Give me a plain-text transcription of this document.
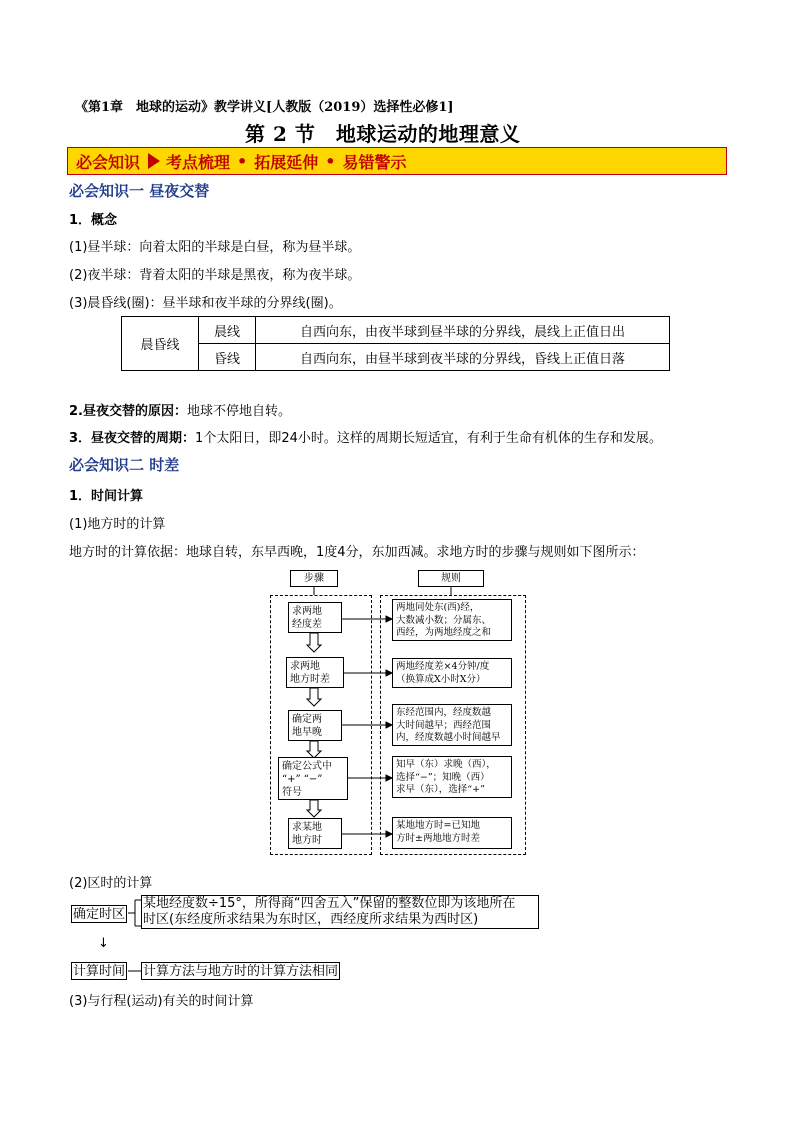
《第1章　地球的运动》教学讲义[人教版（2019）选择性必修1]
第 2 节　地球运动的地理意义
必会知识 考点梳理 • 拓展延伸 • 易错警示
必会知识一 昼夜交替
1．概念
(1)昼半球：向着太阳的半球是白昼，称为昼半球。
(2)夜半球：背着太阳的半球是黑夜，称为夜半球。
(3)晨昏线(圈)：昼半球和夜半球的分界线(圈)。
晨昏线	晨线	自西向东，由夜半球到昼半球的分界线，晨线上正值日出
	昏线	自西向东，由昼半球到夜半球的分界线，昏线上正值日落
2.昼夜交替的原因：地球不停地自转。
3．昼夜交替的周期：1个太阳日，即24小时。这样的周期长短适宜，有利于生命有机体的生存和发展。
必会知识二 时差
1．时间计算
(1)地方时的计算
地方时的计算依据：地球自转，东早西晚，1度4分，东加西减。求地方时的步骤与规则如下图所示：
步骤	规则
求两地
经度差
求两地
地方时差
确定两
地早晚
确定公式中
“+” “−”
符号
求某地
地方时
两地同处东(西)经，
大数减小数；分属东、
西经，为两地经度之和
两地经度差×4分钟/度
（换算成X小时X分）
东经范围内，经度数越
大时间越早；西经范围
内，经度数越小时间越早
知早（东）求晚（西），
选择“−”；知晚（西）
求早（东），选择“+”
某地地方时=已知地
方时±两地地方时差
(2)区时的计算
确定时区
某地经度数÷15°，所得商“四舍五入”保留的整数位即为该地所在
时区(东经度所求结果为东时区，西经度所求结果为西时区)
↓
计算时间 计算方法与地方时的计算方法相同
(3)与行程(运动)有关的时间计算
